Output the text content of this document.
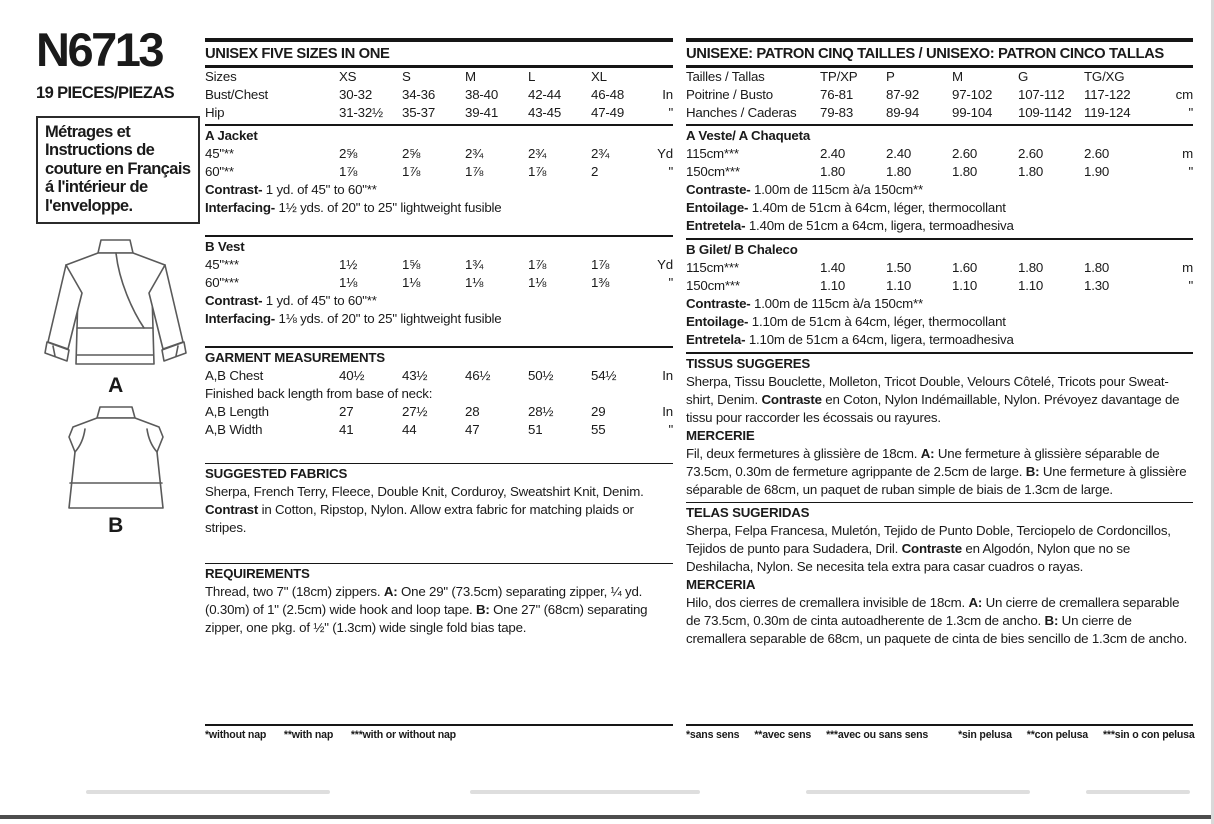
N6713
19 PIECES/PIEZAS
Métrages et Instructions de couture en Français á l'intérieur de l'enveloppe.
A
B
UNISEX FIVE SIZES IN ONE
Sizes	XS	S	M	L	XL
Bust/Chest	30-32	34-36	38-40	42-44	46-48	In
Hip	31-32½	35-37	39-41	43-45	47-49	"
A Jacket
45"**	2⅝	2⅝	2¾	2¾	2¾	Yd
60"**	1⅞	1⅞	1⅞	1⅞	2	"
Contrast- 1 yd. of 45" to 60"**
Interfacing- 1½ yds. of 20" to 25" lightweight fusible
B Vest
45"***	1½	1⅝	1¾	1⅞	1⅞	Yd
60"***	1⅛	1⅛	1⅛	1⅛	1⅜	"
Contrast- 1 yd. of 45" to 60"**
Interfacing- 1⅛ yds. of 20" to 25" lightweight fusible
GARMENT MEASUREMENTS
A,B Chest	40½	43½	46½	50½	54½	In
Finished back length from base of neck:
A,B Length	27	27½	28	28½	29	In
A,B Width	41	44	47	51	55	"
SUGGESTED FABRICS
Sherpa, French Terry, Fleece, Double Knit, Corduroy, Sweatshirt Knit, Denim. Contrast in Cotton, Ripstop, Nylon. Allow extra fabric for matching plaids or stripes.
REQUIREMENTS
Thread, two 7" (18cm) zippers. A: One 29" (73.5cm) separating zipper, ¼ yd. (0.30m) of 1" (2.5cm) wide hook and loop tape. B: One 27" (68cm) separating zipper, one pkg. of ½" (1.3cm) wide single fold bias tape.
UNISEXE: PATRON CINQ TAILLES / UNISEXO: PATRON CINCO TALLAS
Tailles / Tallas	TP/XP	P	M	G	TG/XG
Poitrine / Busto	76-81	87-92	97-102	107-112	117-122	cm
Hanches / Caderas	79-83	89-94	99-104	109-1142 119-124	"
A Veste/ A Chaqueta
115cm***	2.40	2.40	2.60	2.60	2.60	m
150cm***	1.80	1.80	1.80	1.80	1.90	"
Contraste- 1.00m de 115cm à/a 150cm**
Entoilage- 1.40m de 51cm à 64cm, léger, thermocollant
Entretela- 1.40m de 51cm a 64cm, ligera, termoadhesiva
B Gilet/ B Chaleco
115cm***	1.40	1.50	1.60	1.80	1.80	m
150cm***	1.10	1.10	1.10	1.10	1.30	"
Contraste- 1.00m de 115cm à/a 150cm**
Entoilage- 1.10m de 51cm à 64cm, léger, thermocollant
Entretela- 1.10m de 51cm a 64cm, ligera, termoadhesiva
TISSUS SUGGERES
Sherpa, Tissu Bouclette, Molleton, Tricot Double, Velours Côtelé, Tricots pour Sweat-shirt, Denim. Contraste en Coton, Nylon Indémaillable, Nylon. Prévoyez davantage de tissu pour raccorder les écossais ou rayures.
MERCERIE
Fil, deux fermetures à glissière de 18cm. A: Une fermeture à glissière séparable de 73.5cm, 0.30m de fermeture agrippante de 2.5cm de large. B: Une fermeture à glissière séparable de 68cm, un paquet de ruban simple de biais de 1.3cm de large.
TELAS SUGERIDAS
Sherpa, Felpa Francesa, Muletón, Tejido de Punto Doble, Terciopelo de Cordoncillos, Tejidos de punto para Sudadera, Dril. Contraste en Algodón, Nylon que no se Deshilacha, Nylon. Se necesita tela extra para casar cuadros o rayas.
MERCERIA
Hilo, dos cierres de cremallera invisible de 18cm. A: Un cierre de cremallera separable de 73.5cm, 0.30m de cinta autoadherente de 1.3cm de ancho. B: Un cierre de cremallera separable de 68cm, un paquete de cinta de bies sencillo de 1.3cm de ancho.
*without nap **with nap ***with or without nap	*sans sens **avec sens ***avec ou sans sens	*sin pelusa **con pelusa ***sin o con pelusa
